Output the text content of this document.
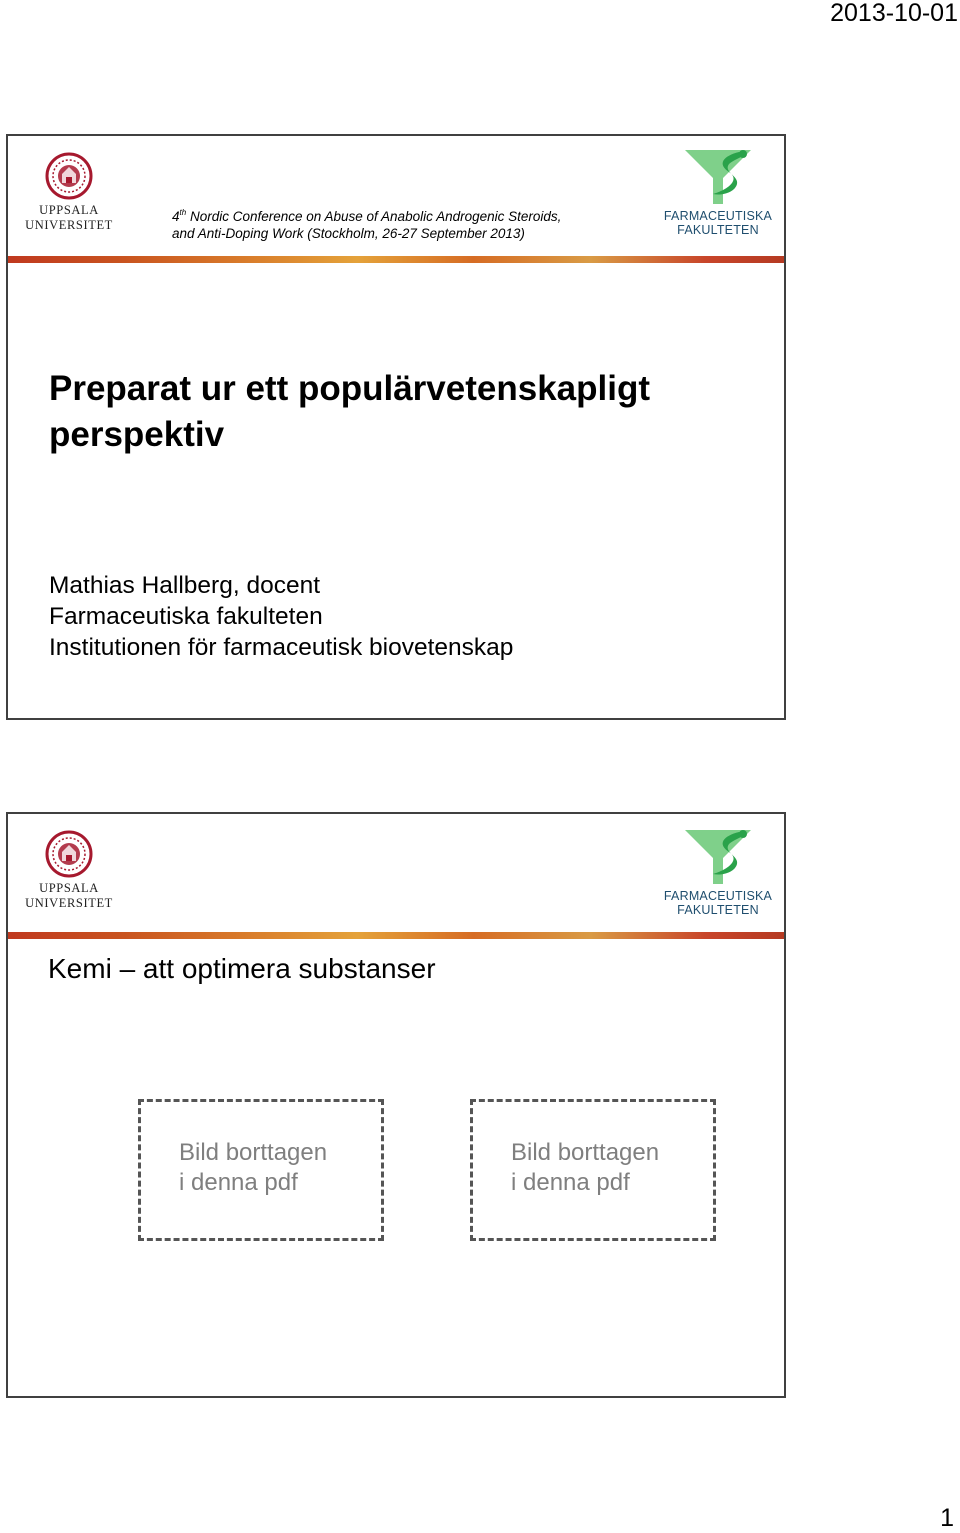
2013-10-01
UPPSALA
UNIVERSITET
4th Nordic Conference on Abuse of Anabolic Androgenic Steroids,
and Anti-Doping Work (Stockholm, 26-27 September 2013)
FARMACEUTISKA
FAKULTETEN
Preparat ur ett populärvetenskapligt perspektiv
Mathias Hallberg, docent
Farmaceutiska fakulteten
Institutionen för farmaceutisk biovetenskap
UPPSALA
UNIVERSITET	FARMACEUTISKA
FAKULTETEN
Kemi – att optimera substanser
Bild borttagen
i denna pdf
Bild borttagen
i denna pdf
1
